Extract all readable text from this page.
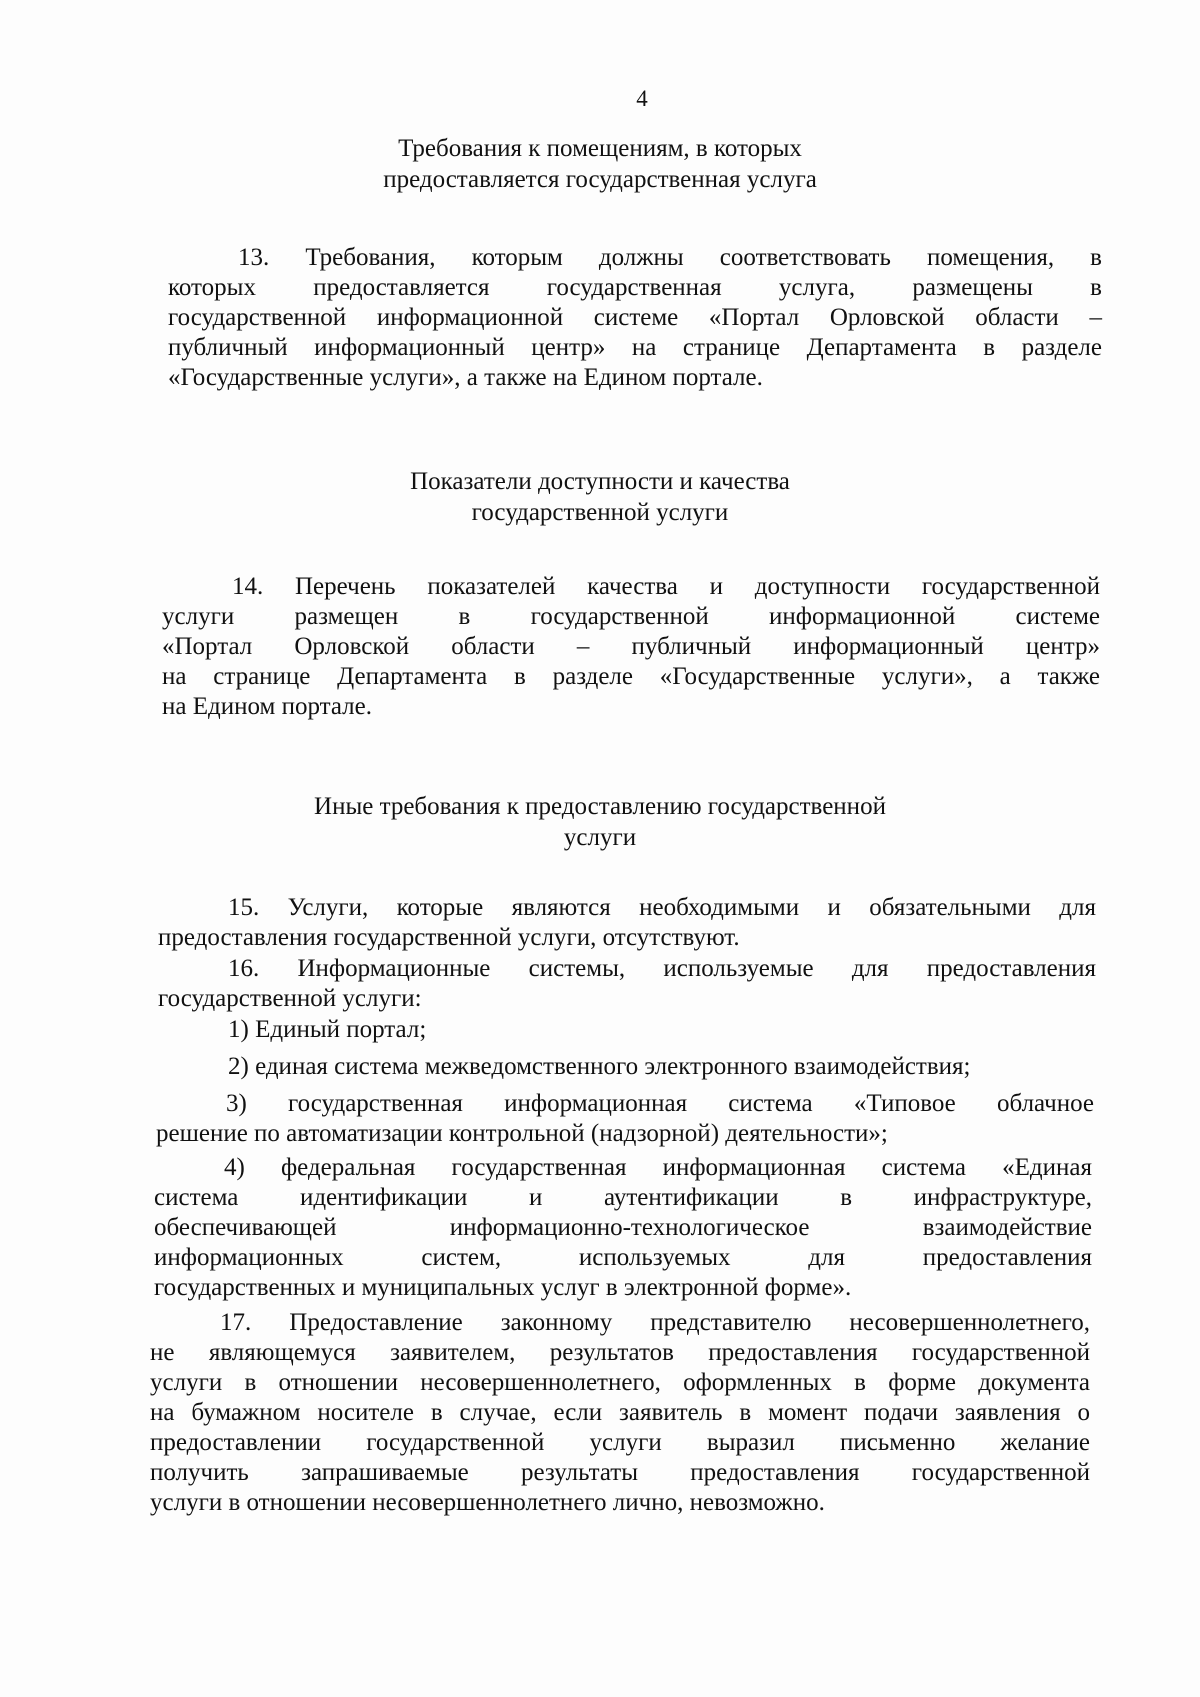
4
Требования к помещениям, в которых
предоставляется государственная услуга
13. Требования, которым должны соответствовать помещения, в
которых предоставляется государственная услуга, размещены в
государственной информационной системе «Портал Орловской области –
публичный информационный центр» на странице Департамента в разделе
«Государственные услуги», а также на Едином портале.
Показатели доступности и качества
государственной услуги
14. Перечень показателей качества и доступности государственной
услуги размещен в государственной информационной системе
«Портал Орловской области – публичный информационный центр»
на странице Департамента в разделе «Государственные услуги», а также
на Едином портале.
Иные требования к предоставлению государственной
услуги
15. Услуги, которые являются необходимыми и обязательными для
предоставления государственной услуги, отсутствуют.
16. Информационные системы, используемые для предоставления
государственной услуги:
1) Единый портал;
2) единая система межведомственного электронного взаимодействия;
3) государственная информационная система «Типовое облачное
решение по автоматизации контрольной (надзорной) деятельности»;
4) федеральная государственная информационная система «Единая
система идентификации и аутентификации в инфраструктуре,
обеспечивающей информационно-технологическое взаимодействие
информационных систем, используемых для предоставления
государственных и муниципальных услуг в электронной форме».
17. Предоставление законному представителю несовершеннолетнего,
не являющемуся заявителем, результатов предоставления государственной
услуги в отношении несовершеннолетнего, оформленных в форме документа
на бумажном носителе в случае, если заявитель в момент подачи заявления о
предоставлении государственной услуги выразил письменно желание
получить запрашиваемые результаты предоставления государственной
услуги в отношении несовершеннолетнего лично, невозможно.
